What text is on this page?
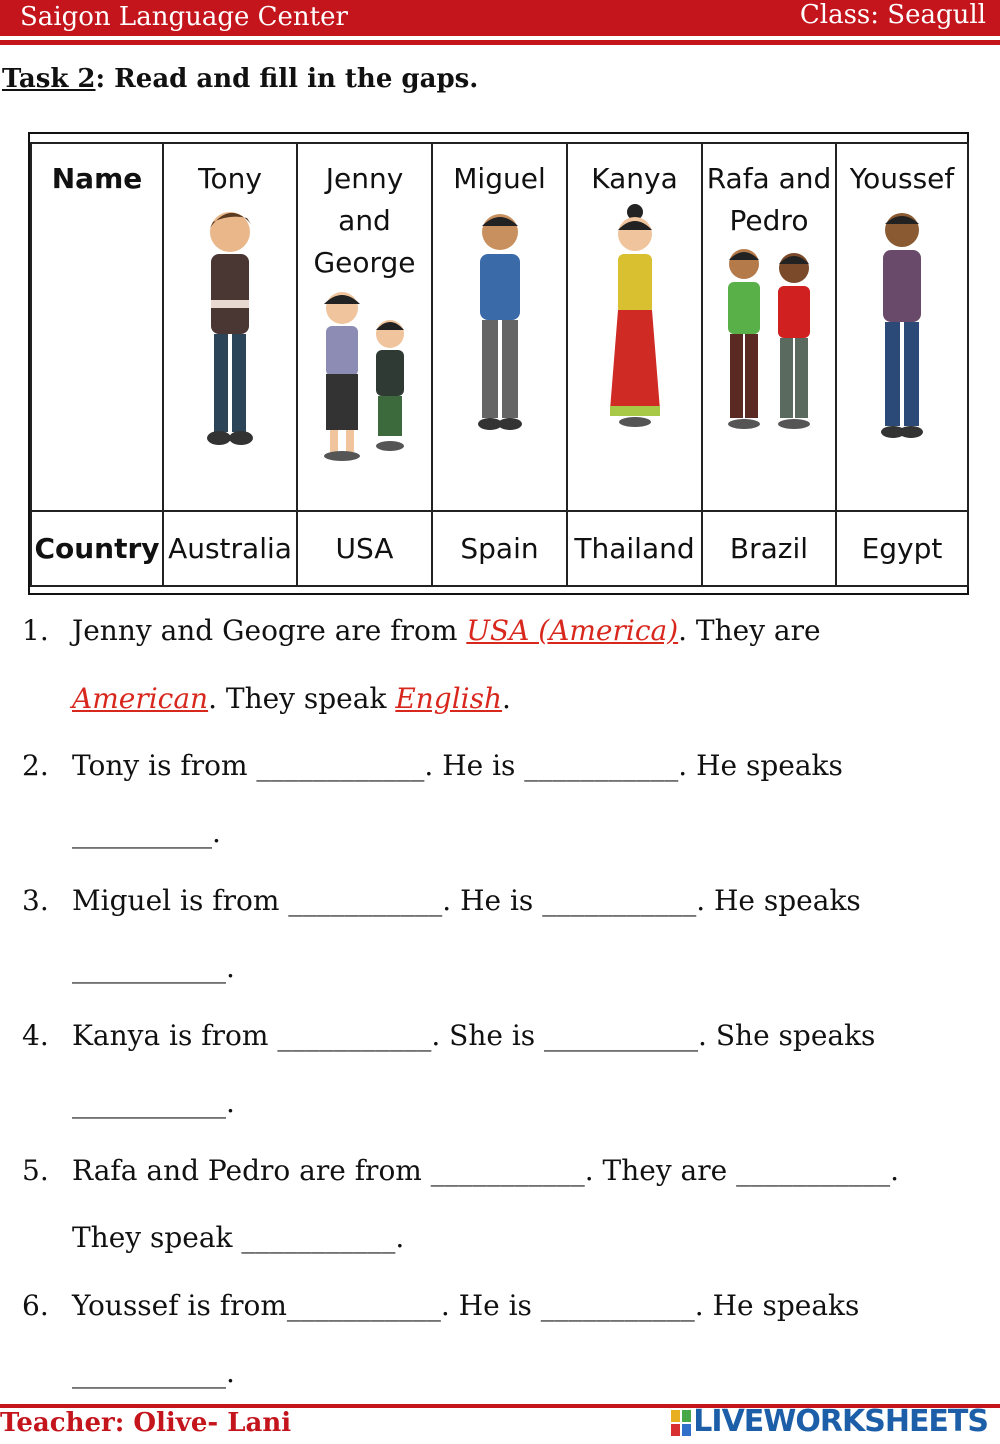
Saigon Language Center	Class: Seagull
Task 2: Read and fill in the gaps.
Name	Tony	Jenny and George	Miguel	Kanya	Rafa and Pedro	Youssef

Country	Australia	USA	Spain	Thailand	Brazil	Egypt
1. Jenny and Geogre are from USA (America). They are
American. They speak English.
2. Tony is from ____________. He is ___________. He speaks
__________.
3. Miguel is from ___________. He is ___________. He speaks
___________.
4. Kanya is from ___________. She is ___________. She speaks
___________.
5. Rafa and Pedro are from ___________. They are ___________.
They speak ___________.
6. Youssef is from___________. He is ___________. He speaks
___________.
Teacher: Olive- Lani	LIVEWORKSHEETS
